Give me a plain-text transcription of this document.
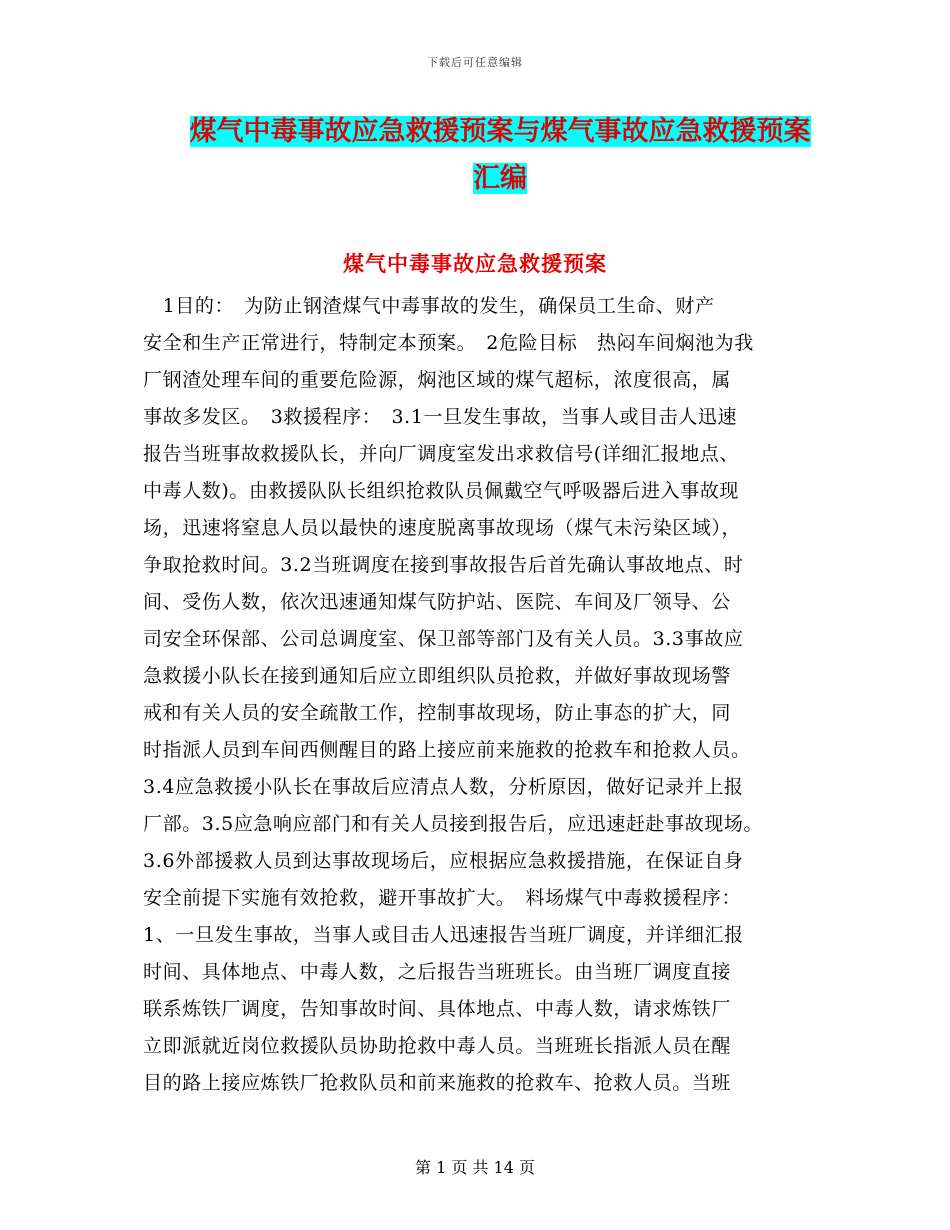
下载后可任意编辑
煤气中毒事故应急救援预案与煤气事故应急救援预案
汇编
煤气中毒事故应急救援预案
　1目的：　为防止钢渣煤气中毒事故的发生，确保员工生命、财产
安全和生产正常进行，特制定本预案。　2危险目标　热闷车间焖池为我
厂钢渣处理车间的重要危险源，焖池区域的煤气超标，浓度很高，属
事故多发区。　3救援程序：　3.1一旦发生事故，当事人或目击人迅速
报告当班事故救援队长，并向厂调度室发出求救信号(详细汇报地点、
中毒人数)。由救援队队长组织抢救队员佩戴空气呼吸器后进入事故现
场，迅速将窒息人员以最快的速度脱离事故现场（煤气未污染区域），
争取抢救时间。3.2当班调度在接到事故报告后首先确认事故地点、时
间、受伤人数，依次迅速通知煤气防护站、医院、车间及厂领导、公
司安全环保部、公司总调度室、保卫部等部门及有关人员。3.3事故应
急救援小队长在接到通知后应立即组织队员抢救，并做好事故现场警
戒和有关人员的安全疏散工作，控制事故现场，防止事态的扩大，同
时指派人员到车间西侧醒目的路上接应前来施救的抢救车和抢救人员。
3.4应急救援小队长在事故后应清点人数，分析原因，做好记录并上报
厂部。3.5应急响应部门和有关人员接到报告后，应迅速赶赴事故现场。
3.6外部援救人员到达事故现场后，应根据应急救援措施，在保证自身
安全前提下实施有效抢救，避开事故扩大。　料场煤气中毒救援程序：
1、一旦发生事故，当事人或目击人迅速报告当班厂调度，并详细汇报
时间、具体地点、中毒人数，之后报告当班班长。由当班厂调度直接
联系炼铁厂调度，告知事故时间、具体地点、中毒人数，请求炼铁厂
立即派就近岗位救援队员协助抢救中毒人员。当班班长指派人员在醒
目的路上接应炼铁厂抢救队员和前来施救的抢救车、抢救人员。当班
第 1 页 共 14 页
